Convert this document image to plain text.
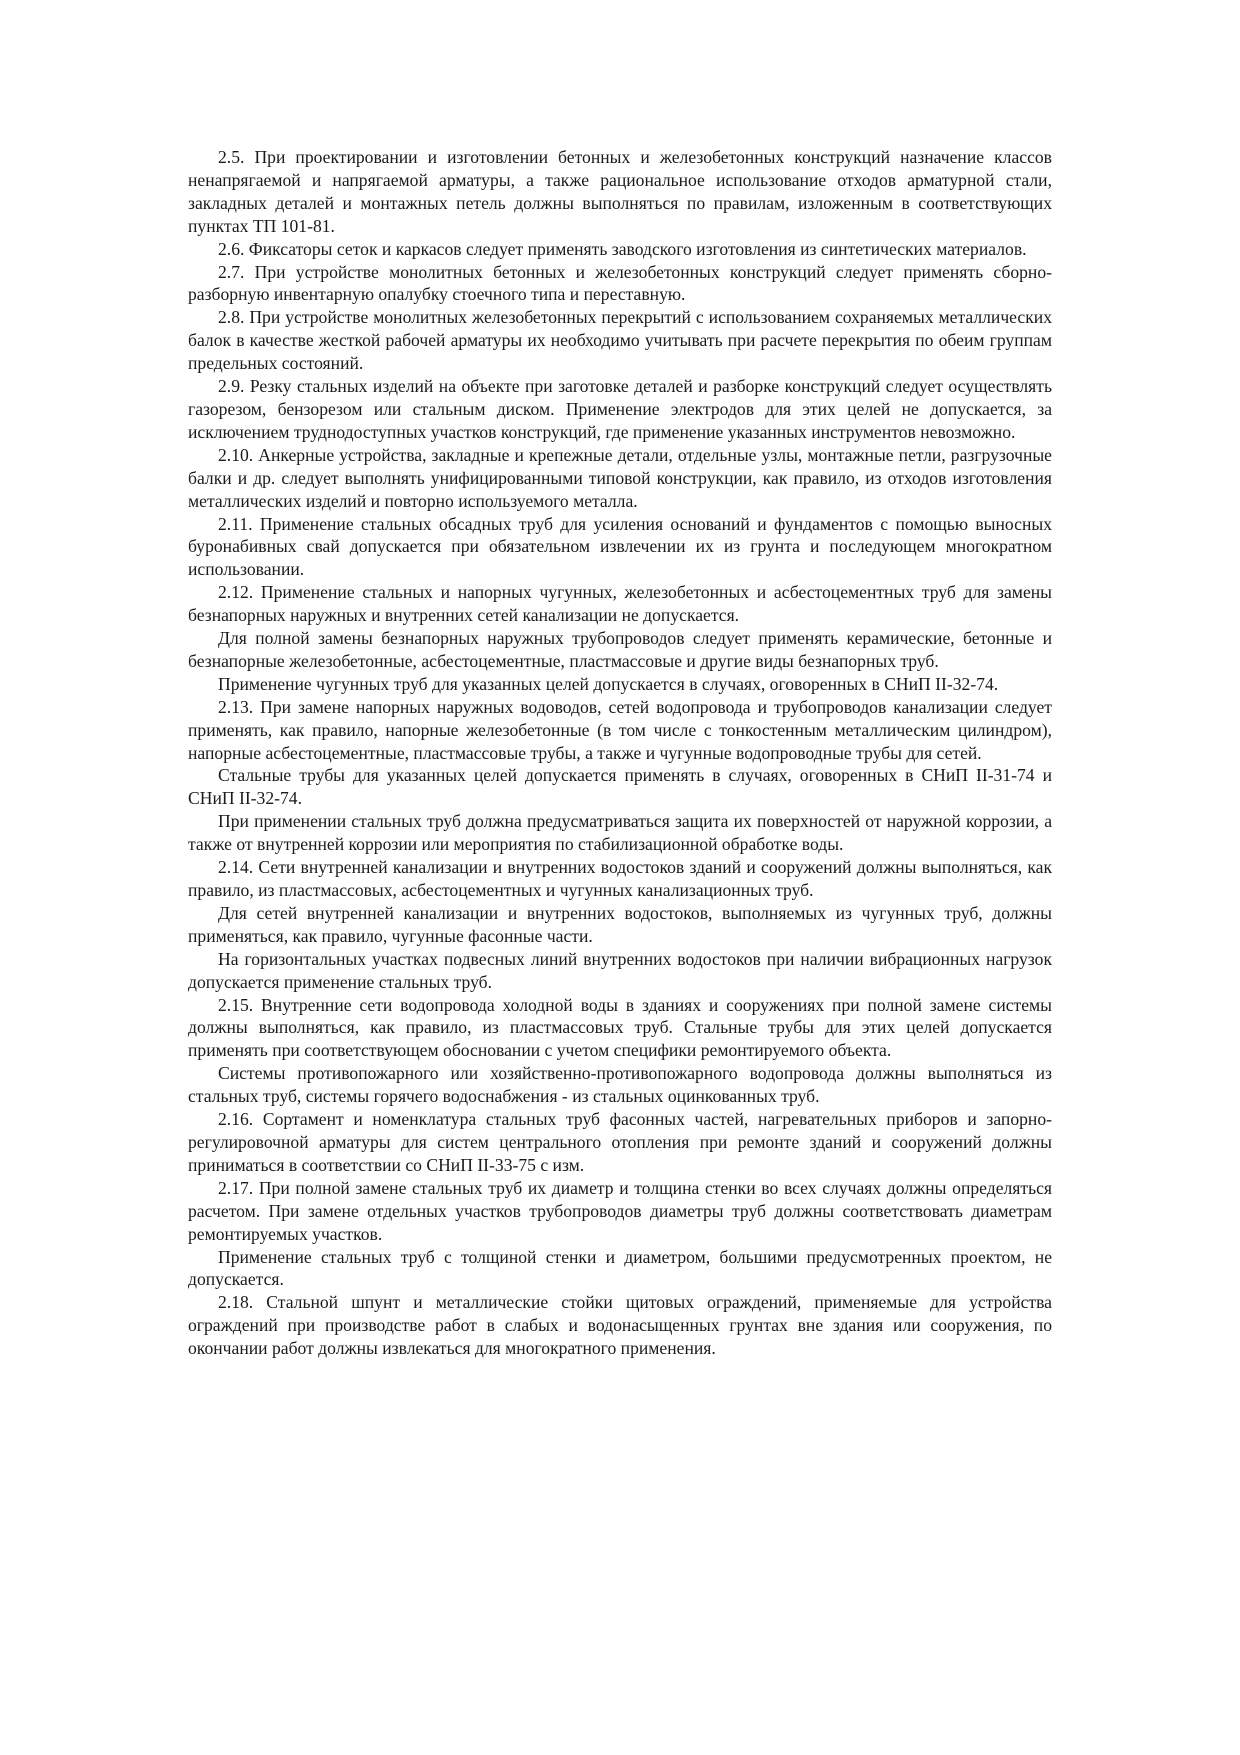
2.5. При проектировании и изготовлении бетонных и железобетонных конструкций назначение классов ненапрягаемой и напрягаемой арматуры, а также рациональное использование отходов арматурной стали, закладных деталей и монтажных петель должны выполняться по правилам, изложенным в соответствующих пунктах ТП 101-81.

2.6. Фиксаторы сеток и каркасов следует применять заводского изготовления из синтетических материалов.

2.7. При устройстве монолитных бетонных и железобетонных конструкций следует применять сборно-разборную инвентарную опалубку стоечного типа и переставную.

2.8. При устройстве монолитных железобетонных перекрытий с использованием сохраняемых металлических балок в качестве жесткой рабочей арматуры их необходимо учитывать при расчете перекрытия по обеим группам предельных состояний.

2.9. Резку стальных изделий на объекте при заготовке деталей и разборке конструкций следует осуществлять газорезом, бензорезом или стальным диском. Применение электродов для этих целей не допускается, за исключением труднодоступных участков конструкций, где применение указанных инструментов невозможно.

2.10. Анкерные устройства, закладные и крепежные детали, отдельные узлы, монтажные петли, разгрузочные балки и др. следует выполнять унифицированными типовой конструкции, как правило, из отходов изготовления металлических изделий и повторно используемого металла.

2.11. Применение стальных обсадных труб для усиления оснований и фундаментов с помощью выносных буронабивных свай допускается при обязательном извлечении их из грунта и последующем многократном использовании.

2.12. Применение стальных и напорных чугунных, железобетонных и асбестоцементных труб для замены безнапорных наружных и внутренних сетей канализации не допускается.

Для полной замены безнапорных наружных трубопроводов следует применять керамические, бетонные и безнапорные железобетонные, асбестоцементные, пластмассовые и другие виды безнапорных труб.

Применение чугунных труб для указанных целей допускается в случаях, оговоренных в СНиП II-32-74.

2.13. При замене напорных наружных водоводов, сетей водопровода и трубопроводов канализации следует применять, как правило, напорные железобетонные (в том числе с тонкостенным металлическим цилиндром), напорные асбестоцементные, пластмассовые трубы, а также и чугунные водопроводные трубы для сетей.

Стальные трубы для указанных целей допускается применять в случаях, оговоренных в СНиП II-31-74 и СНиП II-32-74.

При применении стальных труб должна предусматриваться защита их поверхностей от наружной коррозии, а также от внутренней коррозии или мероприятия по стабилизационной обработке воды.

2.14. Сети внутренней канализации и внутренних водостоков зданий и сооружений должны выполняться, как правило, из пластмассовых, асбестоцементных и чугунных канализационных труб.

Для сетей внутренней канализации и внутренних водостоков, выполняемых из чугунных труб, должны применяться, как правило, чугунные фасонные части.

На горизонтальных участках подвесных линий внутренних водостоков при наличии вибрационных нагрузок допускается применение стальных труб.

2.15. Внутренние сети водопровода холодной воды в зданиях и сооружениях при полной замене системы должны выполняться, как правило, из пластмассовых труб. Стальные трубы для этих целей допускается применять при соответствующем обосновании с учетом специфики ремонтируемого объекта.

Системы противопожарного или хозяйственно-противопожарного водопровода должны выполняться из стальных труб, системы горячего водоснабжения - из стальных оцинкованных труб.

2.16. Сортамент и номенклатура стальных труб фасонных частей, нагревательных приборов и запорно-регулировочной арматуры для систем центрального отопления при ремонте зданий и сооружений должны приниматься в соответствии со СНиП II-33-75 с изм.

2.17. При полной замене стальных труб их диаметр и толщина стенки во всех случаях должны определяться расчетом. При замене отдельных участков трубопроводов диаметры труб должны соответствовать диаметрам ремонтируемых участков.

Применение стальных труб с толщиной стенки и диаметром, большими предусмотренных проектом, не допускается.

2.18. Стальной шпунт и металлические стойки щитовых ограждений, применяемые для устройства ограждений при производстве работ в слабых и водонасыщенных грунтах вне здания или сооружения, по окончании работ должны извлекаться для многократного применения.
